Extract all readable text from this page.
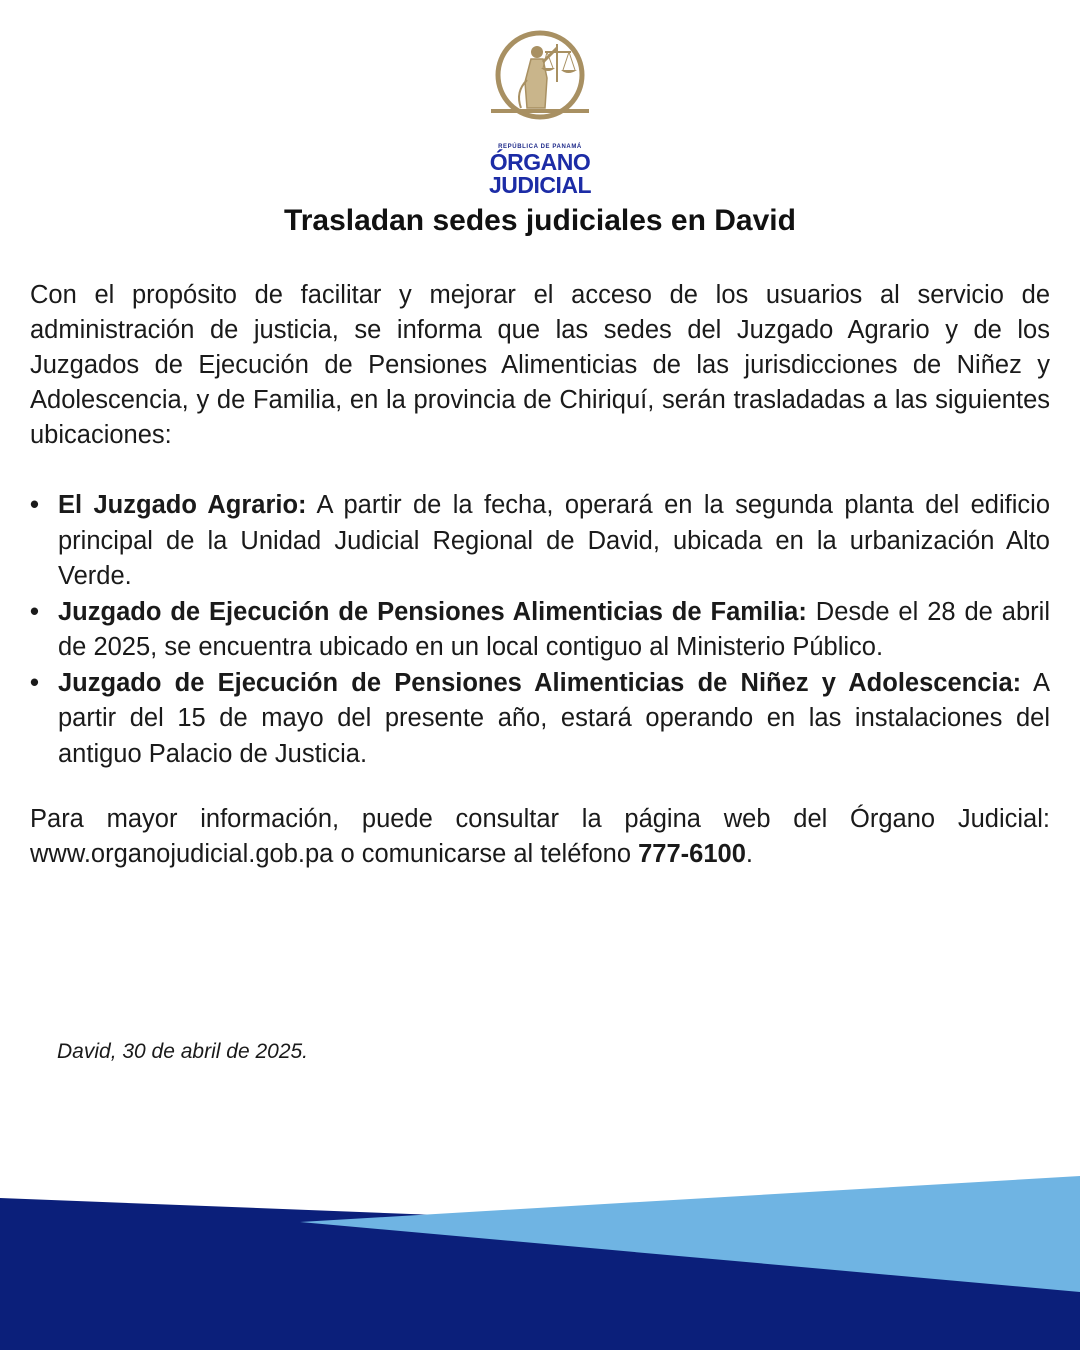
REPÚBLICA DE PANAMÁ
ÓRGANO
JUDICIAL
Trasladan sedes judiciales en David

Con el propósito de facilitar y mejorar el acceso de los usuarios al servicio de administración de justicia, se informa que las sedes del Juzgado Agrario y de los Juzgados de Ejecución de Pensiones Alimenticias de las jurisdicciones de Niñez y Adolescencia, y de Familia, en la provincia de Chiriquí, serán trasladadas a las siguientes ubicaciones:

• El Juzgado Agrario: A partir de la fecha, operará en la segunda planta del edificio principal de la Unidad Judicial Regional de David, ubicada en la urbanización Alto Verde.
• Juzgado de Ejecución de Pensiones Alimenticias de Familia: Desde el 28 de abril de 2025, se encuentra ubicado en un local contiguo al Ministerio Público.
• Juzgado de Ejecución de Pensiones Alimenticias de Niñez y Adolescencia: A partir del 15 de mayo del presente año, estará operando en las instalaciones del antiguo Palacio de Justicia.

Para mayor información, puede consultar la página web del Órgano Judicial: www.organojudicial.gob.pa o comunicarse al teléfono 777-6100.

David, 30 de abril de 2025.
